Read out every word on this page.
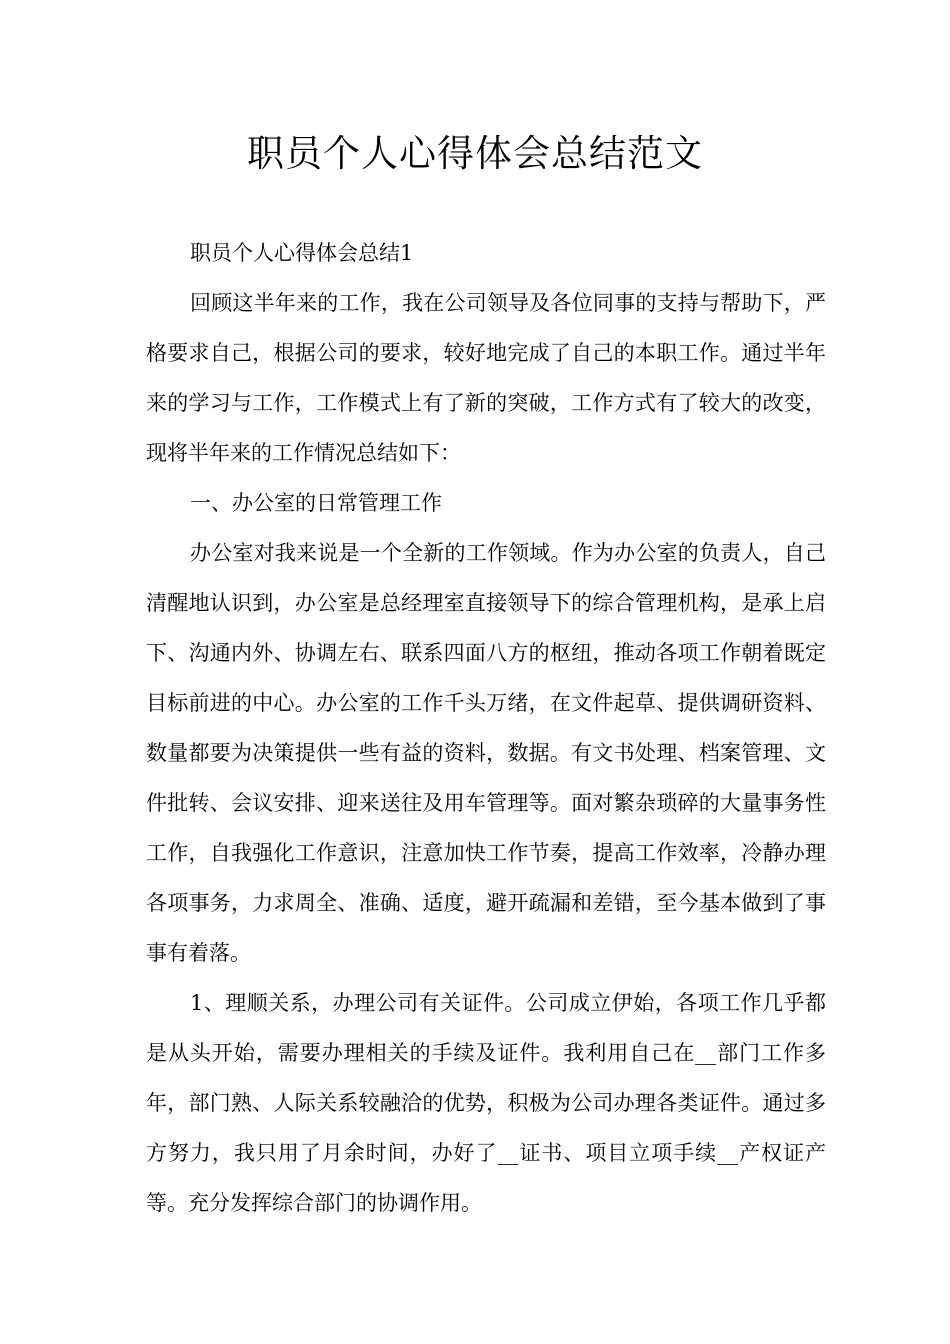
职员个人心得体会总结范文

职员个人心得体会总结1

回顾这半年来的工作，我在公司领导及各位同事的支持与帮助下，严格要求自己，根据公司的要求，较好地完成了自己的本职工作。通过半年来的学习与工作，工作模式上有了新的突破，工作方式有了较大的改变，现将半年来的工作情况总结如下：

一、办公室的日常管理工作

办公室对我来说是一个全新的工作领域。作为办公室的负责人，自己清醒地认识到，办公室是总经理室直接领导下的综合管理机构，是承上启下、沟通内外、协调左右、联系四面八方的枢纽，推动各项工作朝着既定目标前进的中心。办公室的工作千头万绪，在文件起草、提供调研资料、数量都要为决策提供一些有益的资料，数据。有文书处理、档案管理、文件批转、会议安排、迎来送往及用车管理等。面对繁杂琐碎的大量事务性工作，自我强化工作意识，注意加快工作节奏，提高工作效率，冷静办理各项事务，力求周全、准确、适度，避开疏漏和差错，至今基本做到了事事有着落。

1、理顺关系，办理公司有关证件。公司成立伊始，各项工作几乎都是从头开始，需要办理相关的手续及证件。我利用自己在__部门工作多年，部门熟、人际关系较融洽的优势，积极为公司办理各类证件。通过多方努力，我只用了月余时间，办好了__证书、项目立项手续__产权证产等。充分发挥综合部门的协调作用。
